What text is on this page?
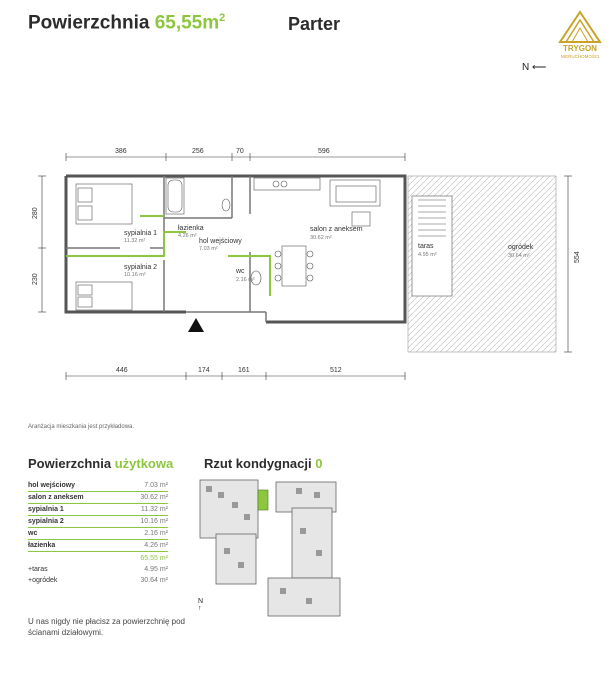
Powierzchnia $65,55m^2$	Parter
TRYGON
NIERUCHOMOŚCI
N ⟵
386	256	70	596
280
230
554
łazienka
4.26 m²
sypialnia 1
11.32 m²	hol wejściowy
7.03 m²
salon z aneksem
30.62 m²
sypialnia 2
10.16 m²	wc
2.16 m²
taras
4.95 m²
ogródek
30.64 m²
446	174	161	512
Aranżacja mieszkania jest przykładowa.
Powierzchnia użytkowa
hol wejściowy	7.03 m²
salon z aneksem	30.62 m²
sypialnia 1	11.32 m²
sypialnia 2	10.16 m²
wc	2.16 m²
łazienka	4.26 m²
65.55 m²
+taras	4.95 m²
+ogródek	30.64 m²
Rzut kondygnacji 0
N
↑
U nas nigdy nie płacisz za powierzchnię pod ścianami działowymi.
